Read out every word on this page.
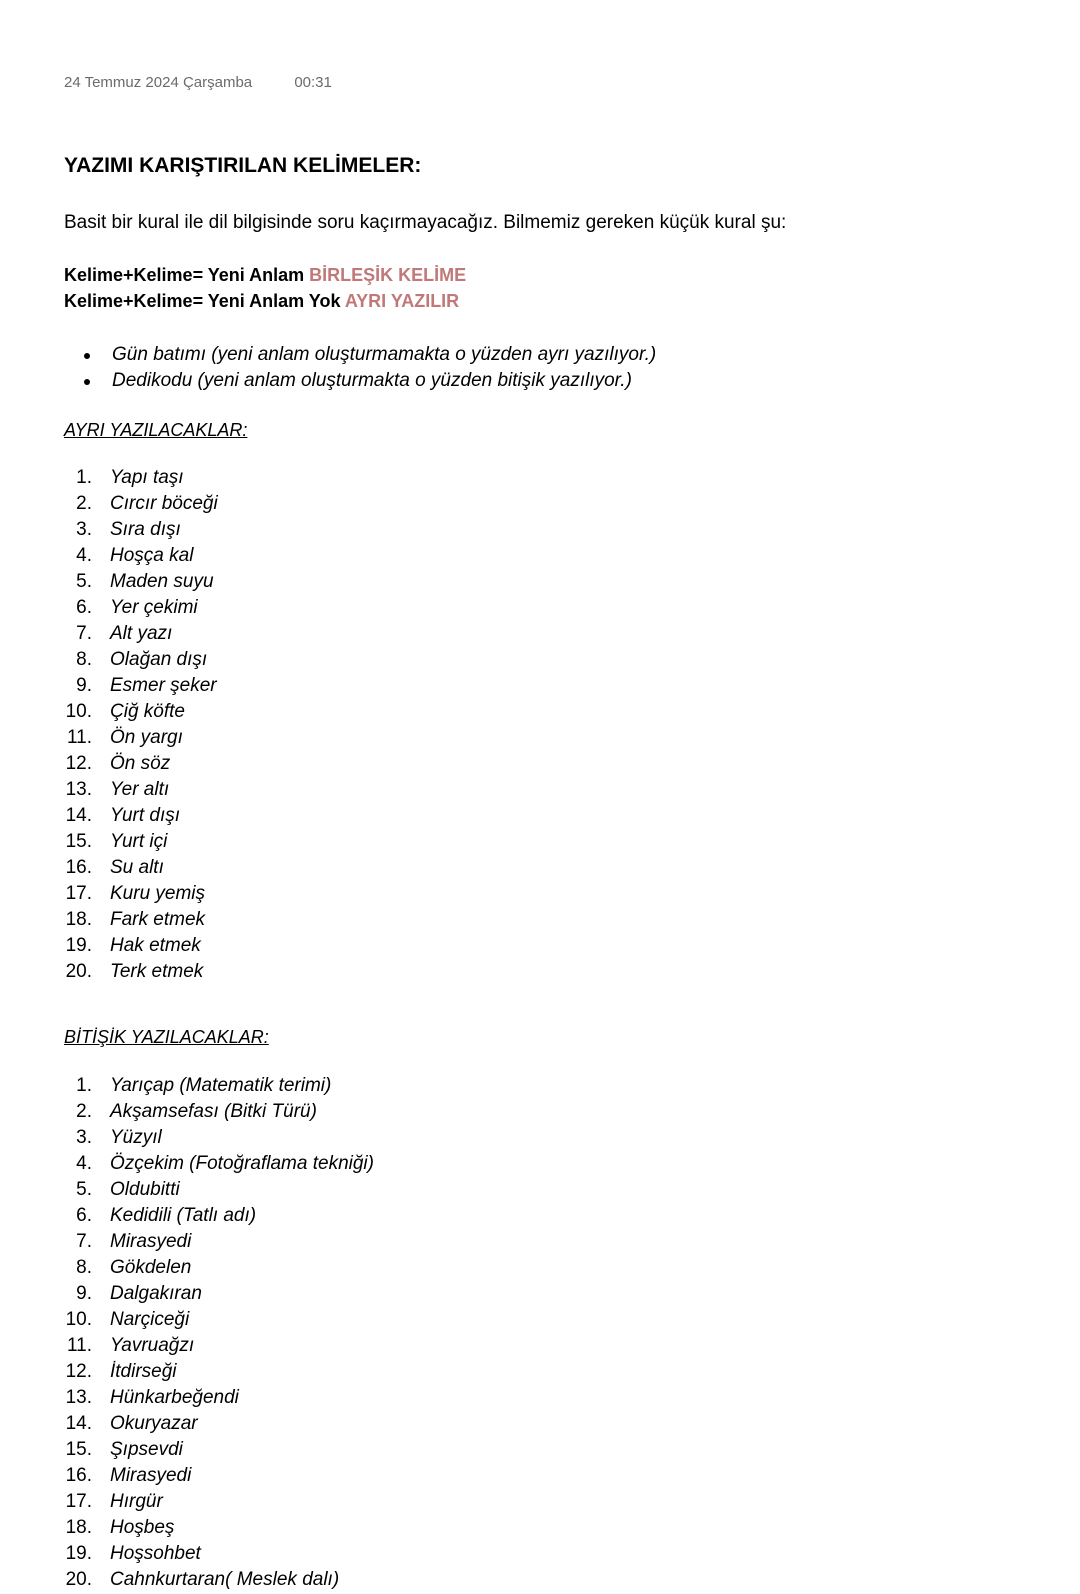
24 Temmuz 2024 Çarşamba	00:31
YAZIMI KARIŞTIRILAN KELİMELER:
Basit bir kural ile dil bilgisinde soru kaçırmayacağız. Bilmemiz gereken küçük kural şu:
Kelime+Kelime= Yeni Anlam BİRLEŞİK KELİME
Kelime+Kelime= Yeni Anlam Yok AYRI YAZILIR
Gün batımı (yeni anlam oluşturmamakta o yüzden ayrı yazılıyor.)
Dedikodu (yeni anlam oluşturmakta o yüzden bitişik yazılıyor.)
AYRI YAZILACAKLAR:
1. Yapı taşı
2. Cırcır böceği
3. Sıra dışı
4. Hoşça kal
5. Maden suyu
6. Yer çekimi
7. Alt yazı
8. Olağan dışı
9. Esmer şeker
10. Çiğ köfte
11. Ön yargı
12. Ön söz
13. Yer altı
14. Yurt dışı
15. Yurt içi
16. Su altı
17. Kuru yemiş
18. Fark etmek
19. Hak etmek
20. Terk etmek
BİTİŞİK YAZILACAKLAR:
1. Yarıçap (Matematik terimi)
2. Akşamsefası (Bitki Türü)
3. Yüzyıl
4. Özçekim (Fotoğraflama tekniği)
5. Oldubitti
6. Kedidili (Tatlı adı)
7. Mirasyedi
8. Gökdelen
9. Dalgakıran
10. Narçiceği
11. Yavruağzı
12. İtdirseği
13. Hünkarbeğendi
14. Okuryazar
15. Şıpsevdi
16. Mirasyedi
17. Hırgür
18. Hoşbeş
19. Hoşsohbet
20. Cahnkurtaran( Meslek dalı)
